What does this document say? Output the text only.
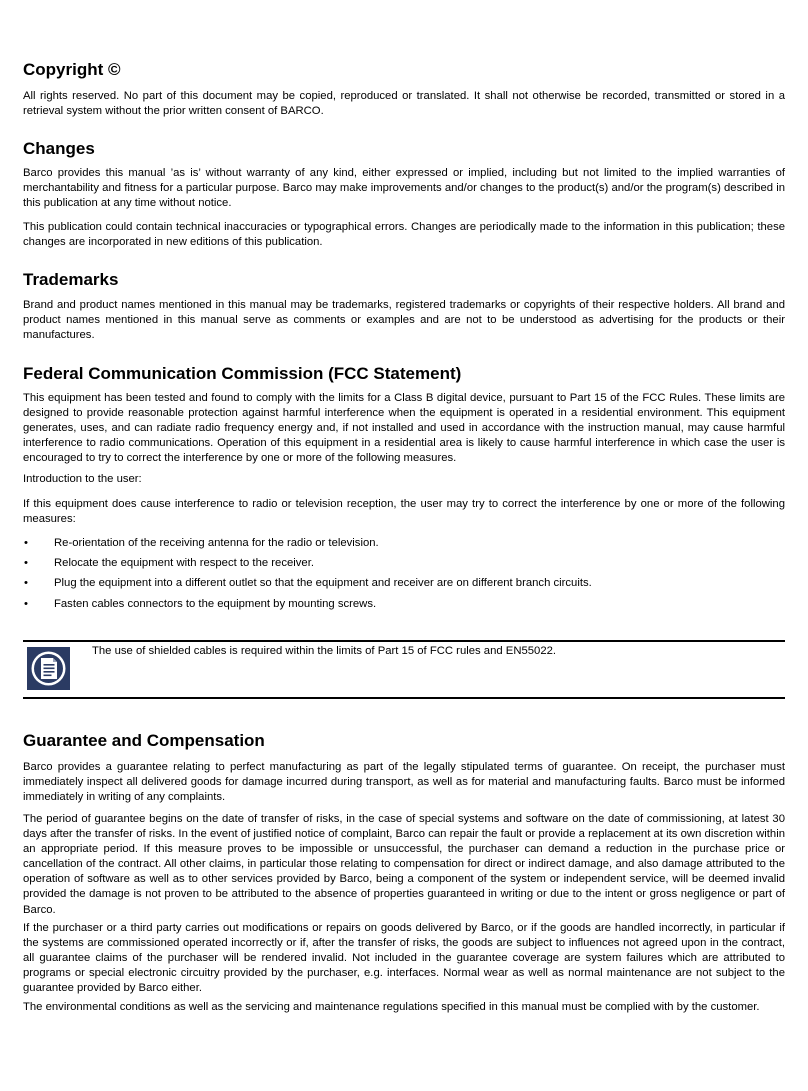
Copyright ©

All rights reserved. No part of this document may be copied, reproduced or translated. It shall not otherwise be recorded, transmitted or stored in a retrieval system without the prior written consent of BARCO.

Changes

Barco provides this manual ’as is’ without warranty of any kind, either expressed or implied, including but not limited to the implied warranties of merchantability and fitness for a particular purpose. Barco may make improvements and/or changes to the product(s) and/or the program(s) described in this publication at any time without notice.

This publication could contain technical inaccuracies or typographical errors. Changes are periodically made to the information in this publication; these changes are incorporated in new editions of this publication.

Trademarks

Brand and product names mentioned in this manual may be trademarks, registered trademarks or copyrights of their respective holders. All brand and product names mentioned in this manual serve as comments or examples and are not to be understood as advertising for the products or their manufactures.

Federal Communication Commission (FCC Statement)

This equipment has been tested and found to comply with the limits for a Class B digital device, pursuant to Part 15 of the FCC Rules. These limits are designed to provide reasonable protection against harmful interference when the equipment is operated in a residential environment. This equipment generates, uses, and can radiate radio frequency energy and, if not installed and used in accordance with the instruction manual, may cause harmful interference to radio communications. Operation of this equipment in a residential area is likely to cause harmful interference in which case the user is encouraged to try to correct the interference by one or more of the following measures.

Introduction to the user:

If this equipment does cause interference to radio or television reception, the user may try to correct the interference by one or more of the following measures:

• Re-orientation of the receiving antenna for the radio or television.
• Relocate the equipment with respect to the receiver.
• Plug the equipment into a different outlet so that the equipment and receiver are on different branch circuits.
• Fasten cables connectors to the equipment by mounting screws.
The use of shielded cables is required within the limits of Part 15 of FCC rules and EN55022.
Guarantee and Compensation

Barco provides a guarantee relating to perfect manufacturing as part of the legally stipulated terms of guarantee. On receipt, the purchaser must immediately inspect all delivered goods for damage incurred during transport, as well as for material and manufacturing faults. Barco must be informed immediately in writing of any complaints.

The period of guarantee begins on the date of transfer of risks, in the case of special systems and software on the date of commissioning, at latest 30 days after the transfer of risks. In the event of justified notice of complaint, Barco can repair the fault or provide a replacement at its own discretion within an appropriate period. If this measure proves to be impossible or unsuccessful, the purchaser can demand a reduction in the purchase price or cancellation of the contract. All other claims, in particular those relating to compensation for direct or indirect damage, and also damage attributed to the operation of software as well as to other services provided by Barco, being a component of the system or independent service, will be deemed invalid provided the damage is not proven to be attributed to the absence of properties guaranteed in writing or due to the intent or gross negligence or part of Barco.

If the purchaser or a third party carries out modifications or repairs on goods delivered by Barco, or if the goods are handled incorrectly, in particular if the systems are commissioned operated incorrectly or if, after the transfer of risks, the goods are subject to influences not agreed upon in the contract, all guarantee claims of the purchaser will be rendered invalid. Not included in the guarantee coverage are system failures which are attributed to programs or special electronic circuitry provided by the purchaser, e.g. interfaces. Normal wear as well as normal maintenance are not subject to the guarantee provided by Barco either.

The environmental conditions as well as the servicing and maintenance regulations specified in this manual must be complied with by the customer.
